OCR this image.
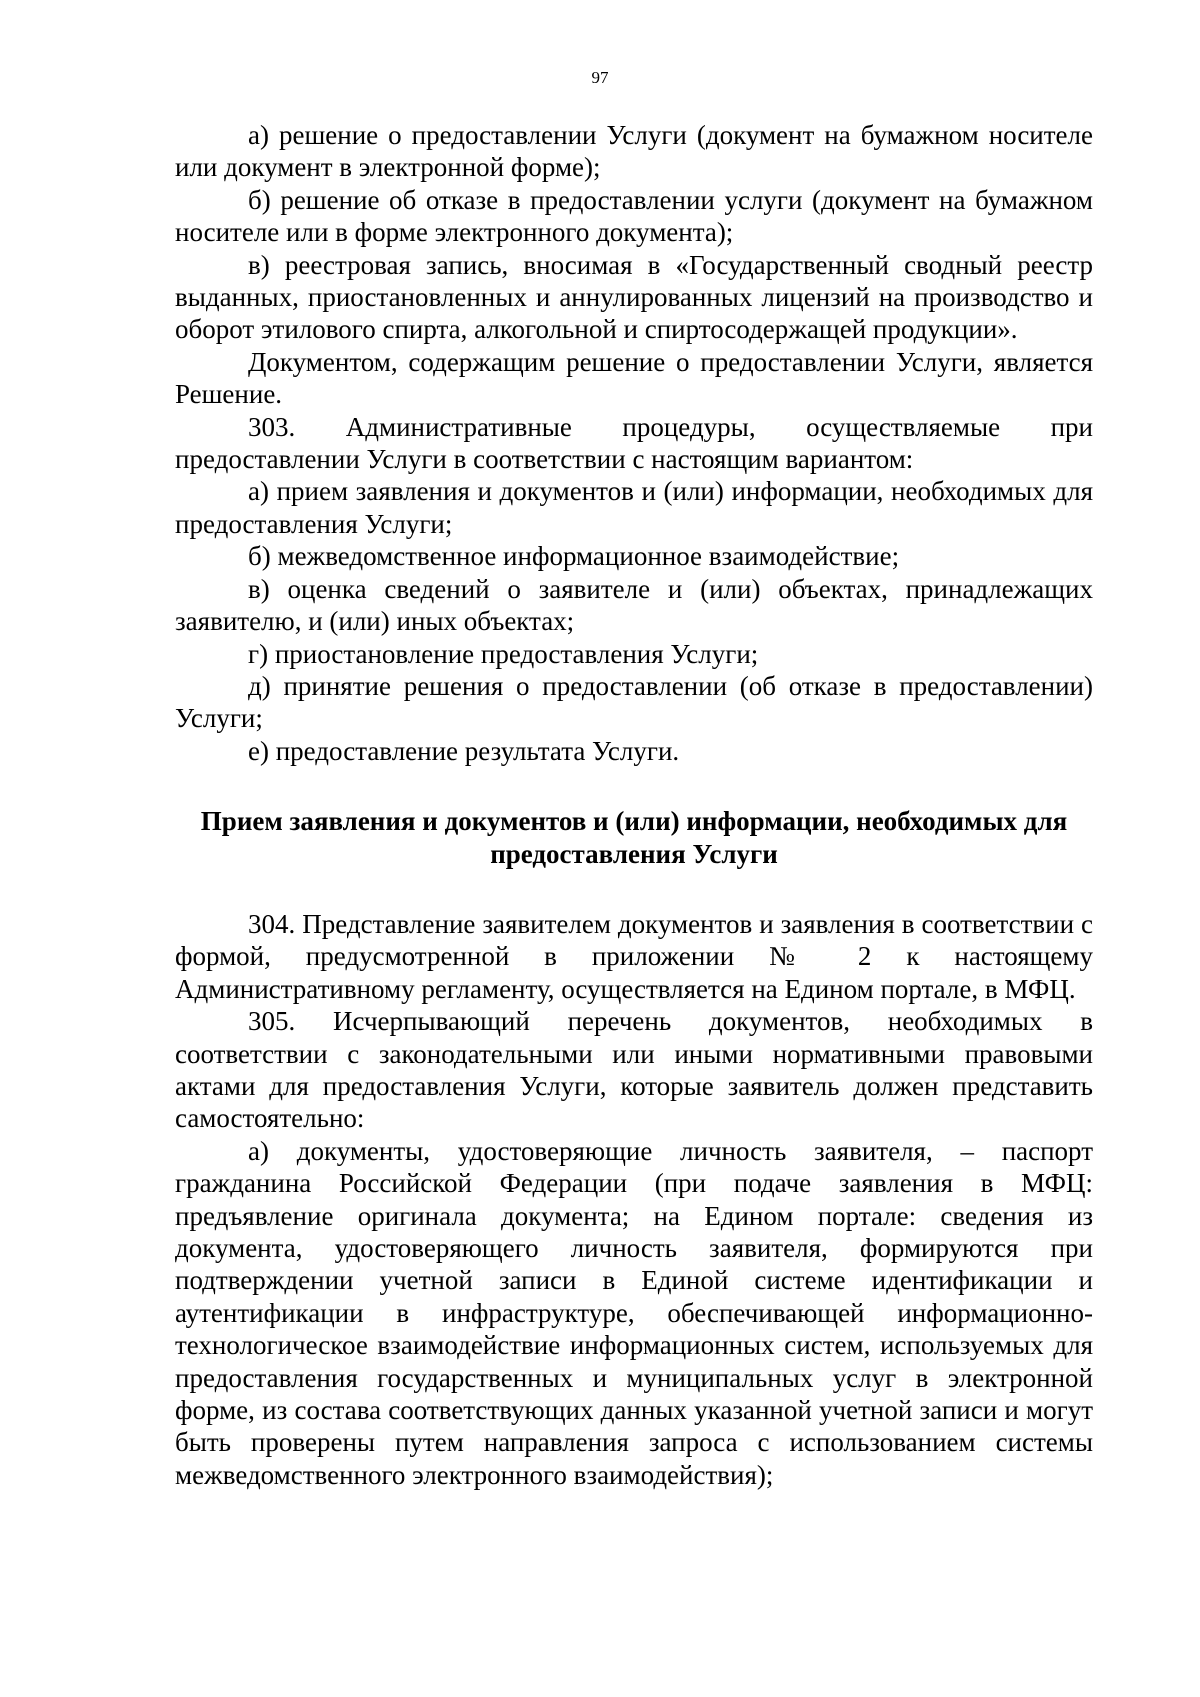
97

а) решение о предоставлении Услуги (документ на бумажном носителе или документ в электронной форме);

б) решение об отказе в предоставлении услуги (документ на бумажном носителе или в форме электронного документа);

в) реестровая запись, вносимая в «Государственный сводный реестр выданных, приостановленных и аннулированных лицензий на производство и оборот этилового спирта, алкогольной и спиртосодержащей продукции».

Документом, содержащим решение о предоставлении Услуги, является Решение.

303. Административные процедуры, осуществляемые при предоставлении Услуги в соответствии с настоящим вариантом:

а) прием заявления и документов и (или) информации, необходимых для предоставления Услуги;

б) межведомственное информационное взаимодействие;

в) оценка сведений о заявителе и (или) объектах, принадлежащих заявителю, и (или) иных объектах;

г) приостановление предоставления Услуги;

д) принятие решения о предоставлении (об отказе в предоставлении) Услуги;

е) предоставление результата Услуги.

Прием заявления и документов и (или) информации, необходимых для предоставления Услуги

304. Представление заявителем документов и заявления в соответствии с формой, предусмотренной в приложении № 2 к настоящему Административному регламенту, осуществляется на Едином портале, в МФЦ.

305. Исчерпывающий перечень документов, необходимых в соответствии с законодательными или иными нормативными правовыми актами для предоставления Услуги, которые заявитель должен представить самостоятельно:

а) документы, удостоверяющие личность заявителя, – паспорт гражданина Российской Федерации (при подаче заявления в МФЦ: предъявление оригинала документа; на Едином портале: сведения из документа, удостоверяющего личность заявителя, формируются при подтверждении учетной записи в Единой системе идентификации и аутентификации в инфраструктуре, обеспечивающей информационно-технологическое взаимодействие информационных систем, используемых для предоставления государственных и муниципальных услуг в электронной форме, из состава соответствующих данных указанной учетной записи и могут быть проверены путем направления запроса с использованием системы межведомственного электронного взаимодействия);
